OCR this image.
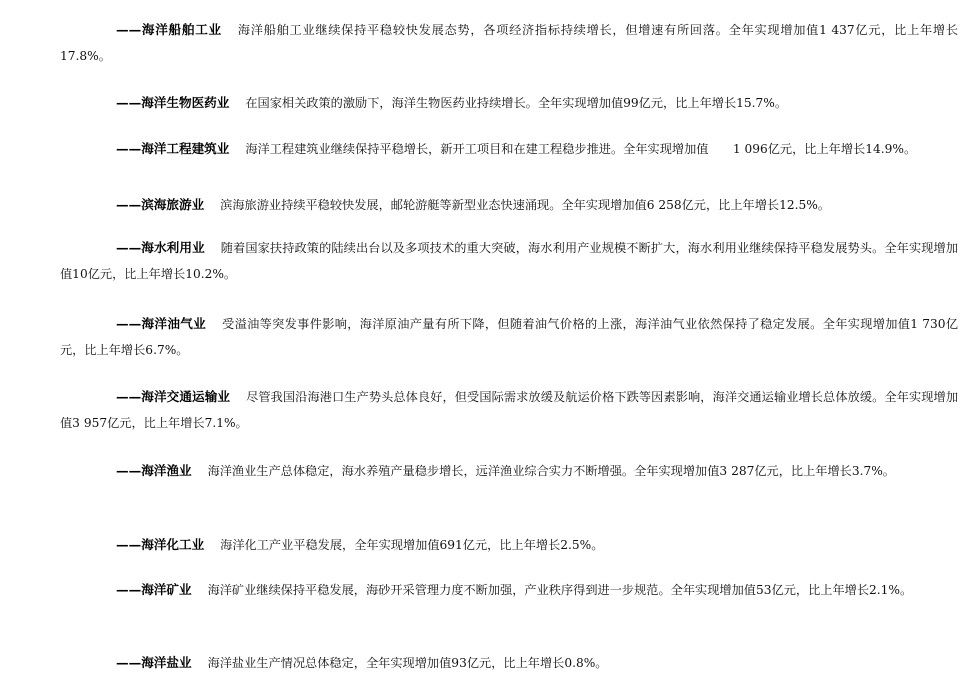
——海洋船舶工业 海洋船舶工业继续保持平稳较快发展态势，各项经济指标持续增长，但增速有所回落。全年实现增加值1 437亿元，比上年增长17.8%。

——海洋生物医药业 在国家相关政策的激励下，海洋生物医药业持续增长。全年实现增加值99亿元，比上年增长15.7%。

——海洋工程建筑业 海洋工程建筑业继续保持平稳增长，新开工项目和在建工程稳步推进。全年实现增加值　　1 096亿元，比上年增长14.9%。

——滨海旅游业 滨海旅游业持续平稳较快发展，邮轮游艇等新型业态快速涌现。全年实现增加值6 258亿元，比上年增长12.5%。

——海水利用业 随着国家扶持政策的陆续出台以及多项技术的重大突破，海水利用产业规模不断扩大，海水利用业继续保持平稳发展势头。全年实现增加值10亿元，比上年增长10.2%。

——海洋油气业 受溢油等突发事件影响，海洋原油产量有所下降，但随着油气价格的上涨，海洋油气业依然保持了稳定发展。全年实现增加值1 730亿元，比上年增长6.7%。

——海洋交通运输业 尽管我国沿海港口生产势头总体良好，但受国际需求放缓及航运价格下跌等因素影响，海洋交通运输业增长总体放缓。全年实现增加值3 957亿元，比上年增长7.1%。

——海洋渔业 海洋渔业生产总体稳定，海水养殖产量稳步增长，远洋渔业综合实力不断增强。全年实现增加值3 287亿元，比上年增长3.7%。

——海洋化工业 海洋化工产业平稳发展，全年实现增加值691亿元，比上年增长2.5%。

——海洋矿业 海洋矿业继续保持平稳发展，海砂开采管理力度不断加强，产业秩序得到进一步规范。全年实现增加值53亿元，比上年增长2.1%。

——海洋盐业 海洋盐业生产情况总体稳定，全年实现增加值93亿元，比上年增长0.8%。
